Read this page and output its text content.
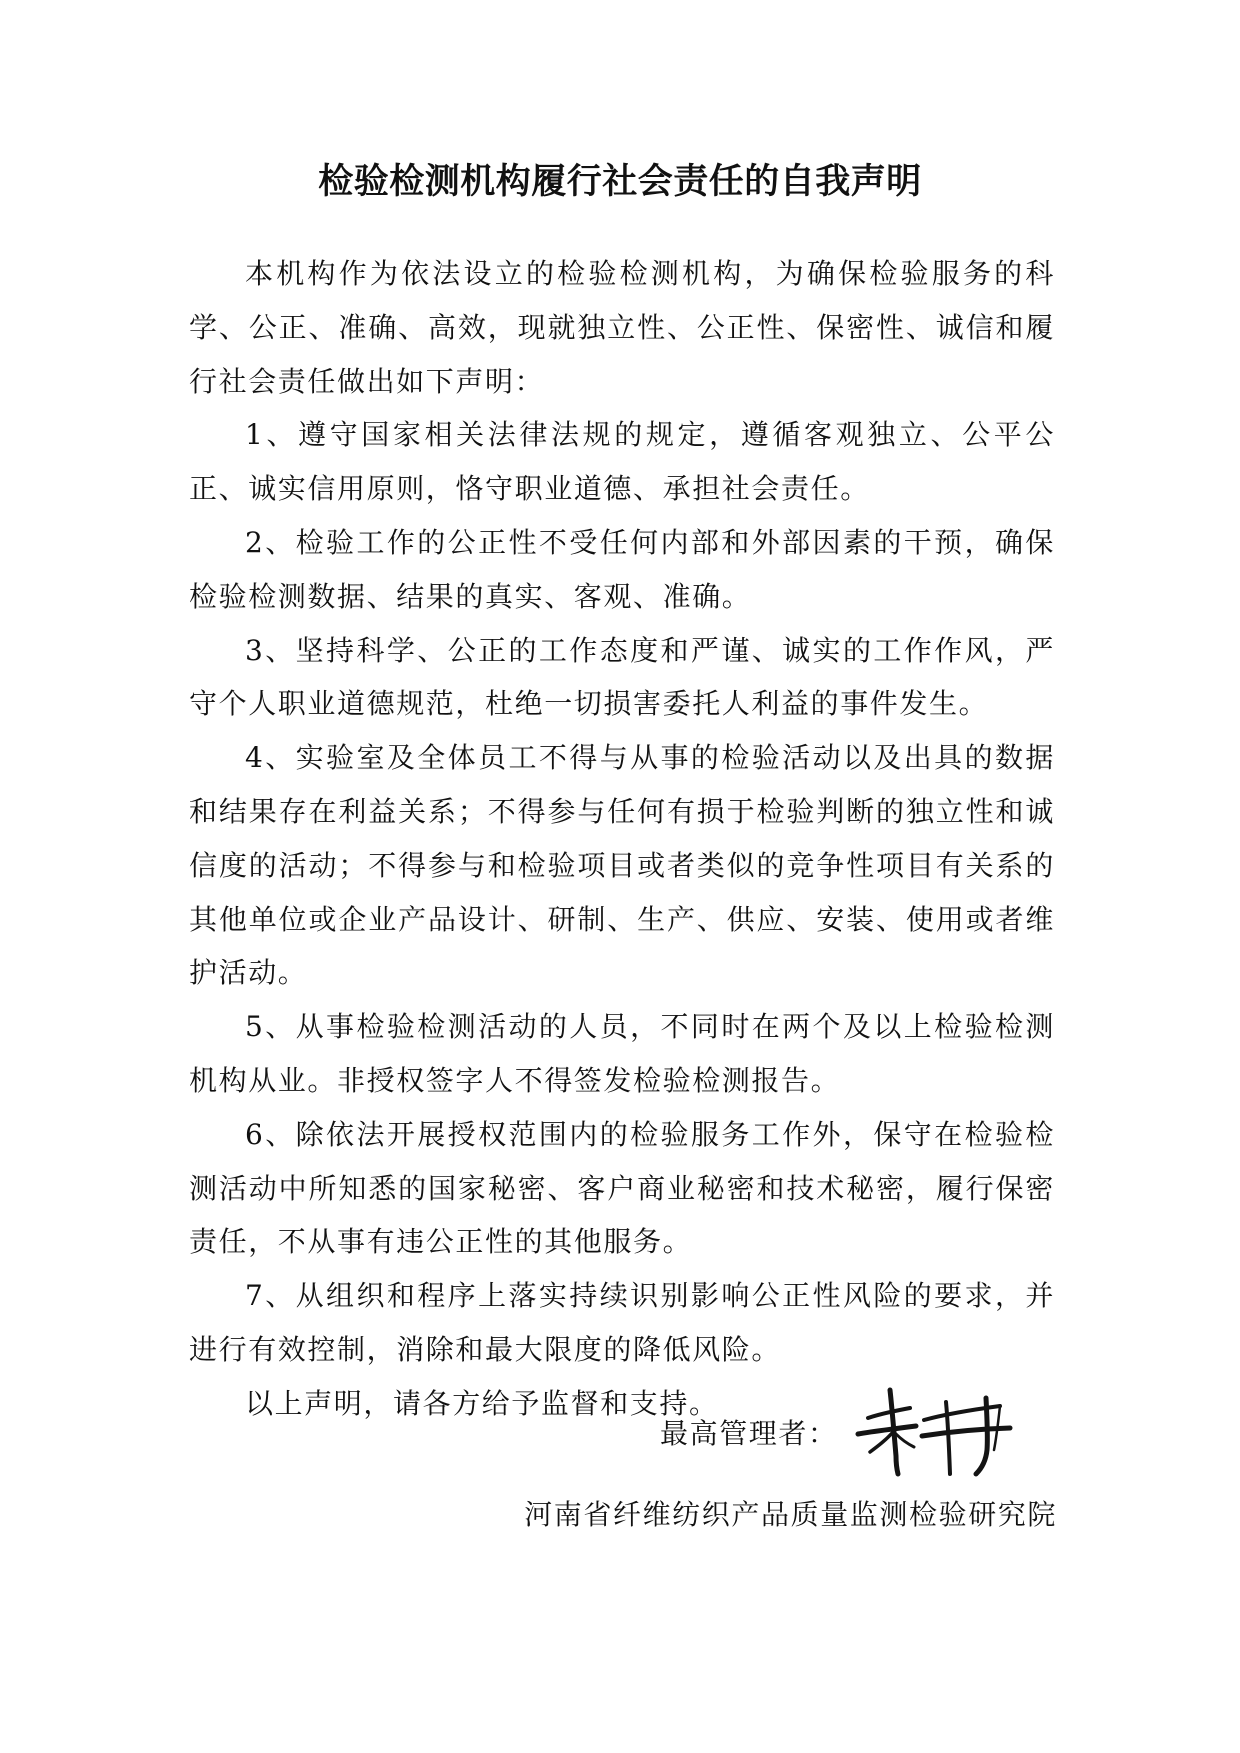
检验检测机构履行社会责任的自我声明

本机构作为依法设立的检验检测机构，为确保检验服务的科学、公正、准确、高效，现就独立性、公正性、保密性、诚信和履行社会责任做出如下声明：

1、遵守国家相关法律法规的规定，遵循客观独立、公平公正、诚实信用原则，恪守职业道德、承担社会责任。

2、检验工作的公正性不受任何内部和外部因素的干预，确保检验检测数据、结果的真实、客观、准确。

3、坚持科学、公正的工作态度和严谨、诚实的工作作风，严守个人职业道德规范，杜绝一切损害委托人利益的事件发生。

4、实验室及全体员工不得与从事的检验活动以及出具的数据和结果存在利益关系；不得参与任何有损于检验判断的独立性和诚信度的活动；不得参与和检验项目或者类似的竞争性项目有关系的其他单位或企业产品设计、研制、生产、供应、安装、使用或者维护活动。

5、从事检验检测活动的人员，不同时在两个及以上检验检测机构从业。非授权签字人不得签发检验检测报告。

6、除依法开展授权范围内的检验服务工作外，保守在检验检测活动中所知悉的国家秘密、客户商业秘密和技术秘密，履行保密责任，不从事有违公正性的其他服务。

7、从组织和程序上落实持续识别影响公正性风险的要求，并进行有效控制，消除和最大限度的降低风险。

以上声明，请各方给予监督和支持。

最高管理者：
河南省纤维纺织产品质量监测检验研究院
